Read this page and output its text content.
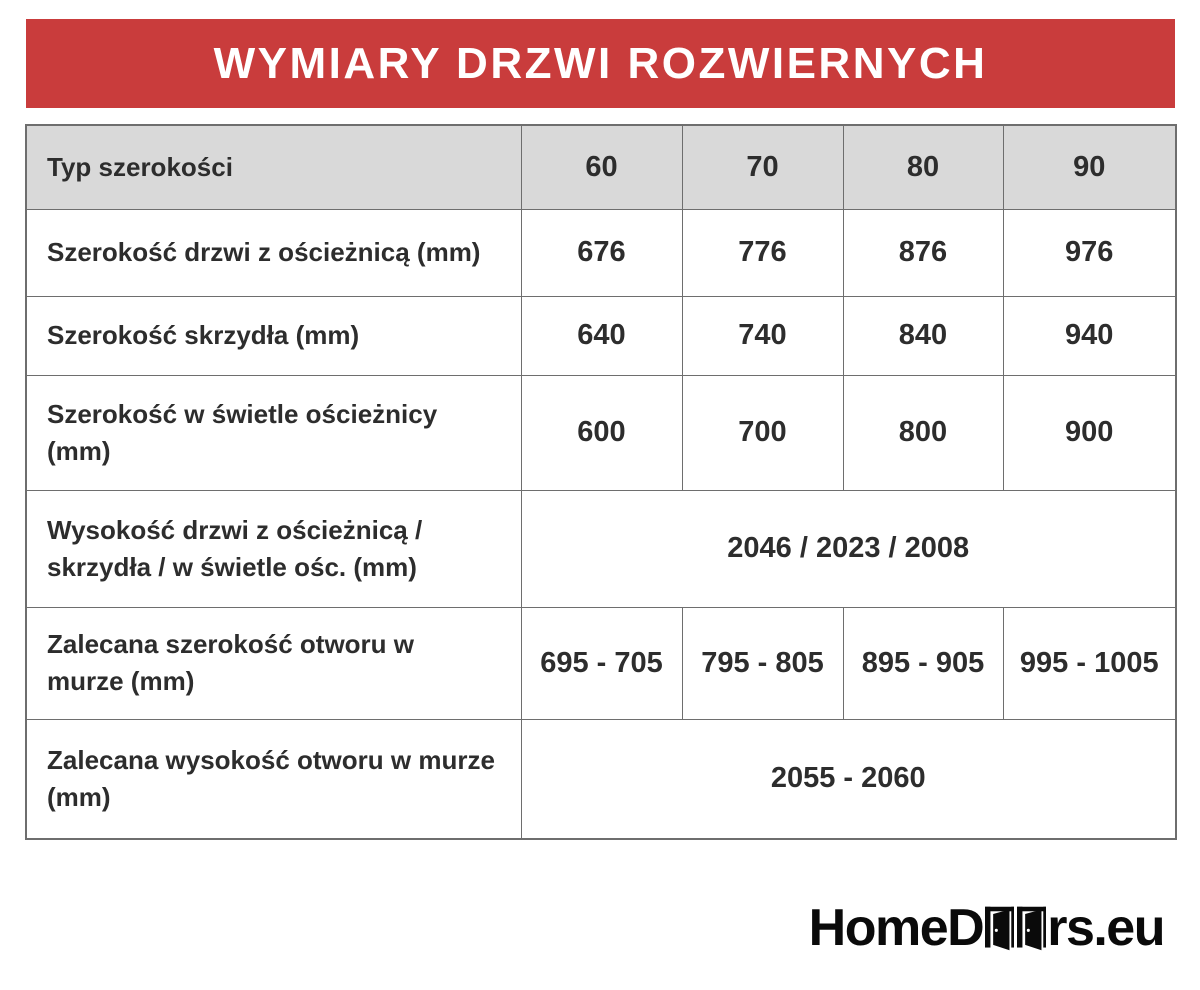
WYMIARY DRZWI ROZWIERNYCH
Typ szerokości	60	70	80	90
Szerokość drzwi z ościeżnicą (mm)	676	776	876	976
Szerokość skrzydła (mm)	640	740	840	940
Szerokość w świetle ościeżnicy (mm)	600	700	800	900
Wysokość drzwi z ościeżnicą / skrzydła / w świetle ośc. (mm)	2046 / 2023 / 2008			
Zalecana szerokość otworu w murze (mm)	695 - 705	795 - 805	895 - 905	995 - 1005
Zalecana wysokość otworu w murze (mm)	2055 - 2060			
HomeD rs.eu
